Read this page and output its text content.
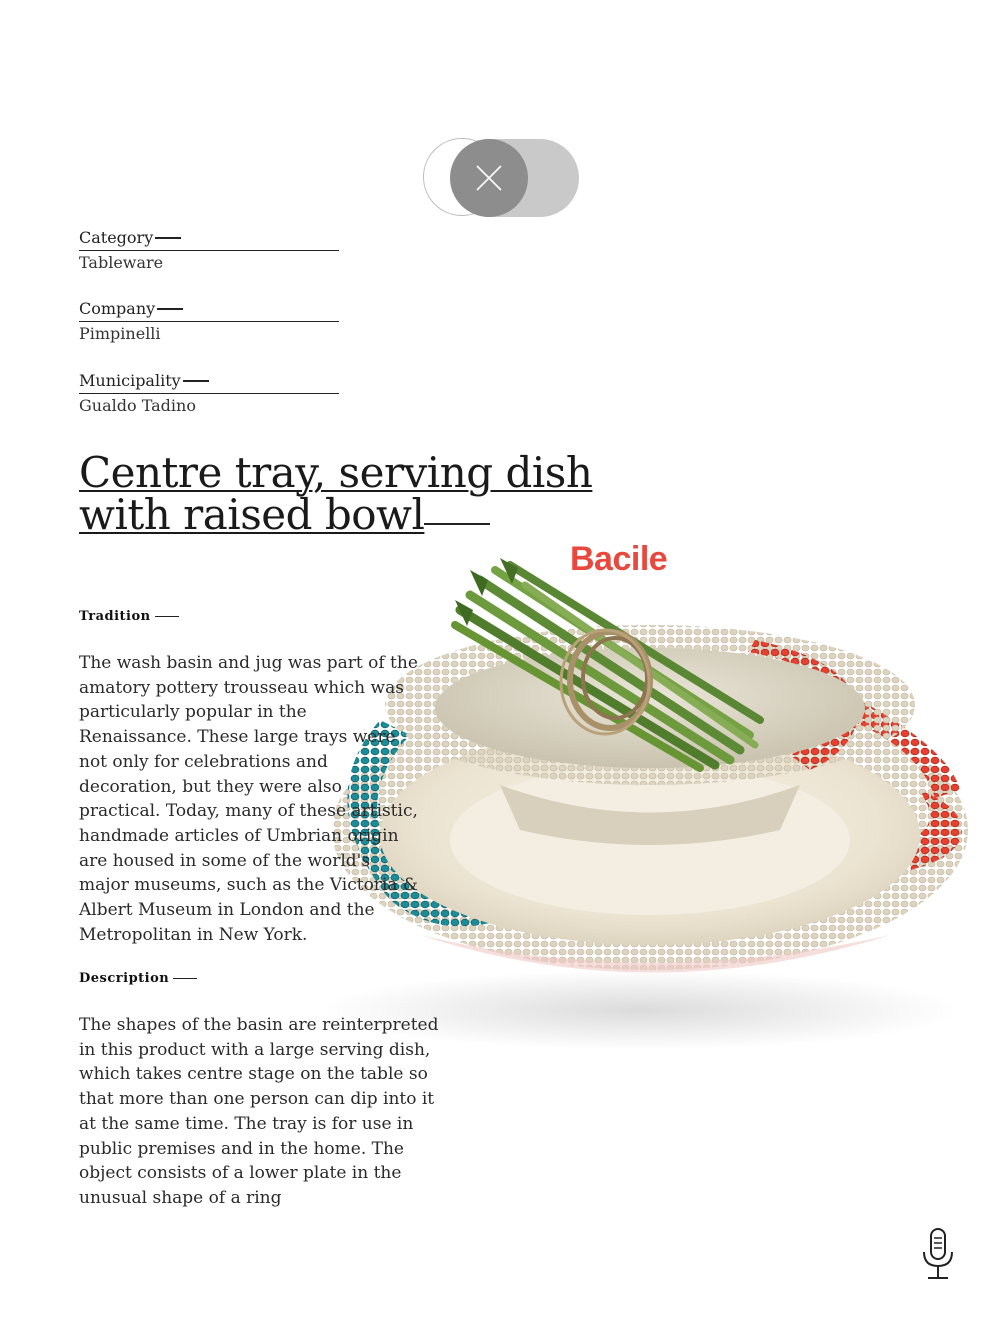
Category
Tableware
Company
Pimpinelli
Municipality
Gualdo Tadino
Bacile
Centre tray, serving dish
with raised bowl
Tradition

The wash basin and jug was part of the amatory pottery trousseau which was particularly popular in the Renaissance. These large trays were not only for celebrations and decoration, but they were also practical. Today, many of these artistic, handmade articles of Umbrian origin are housed in some of the world's major museums, such as the Victoria & Albert Museum in London and the Metropolitan in New York.

Description

The shapes of the basin are reinterpreted in this product with a large serving dish, which takes centre stage on the table so that more than one person can dip into it at the same time. The tray is for use in public premises and in the home. The object consists of a lower plate in the unusual shape of a ring
